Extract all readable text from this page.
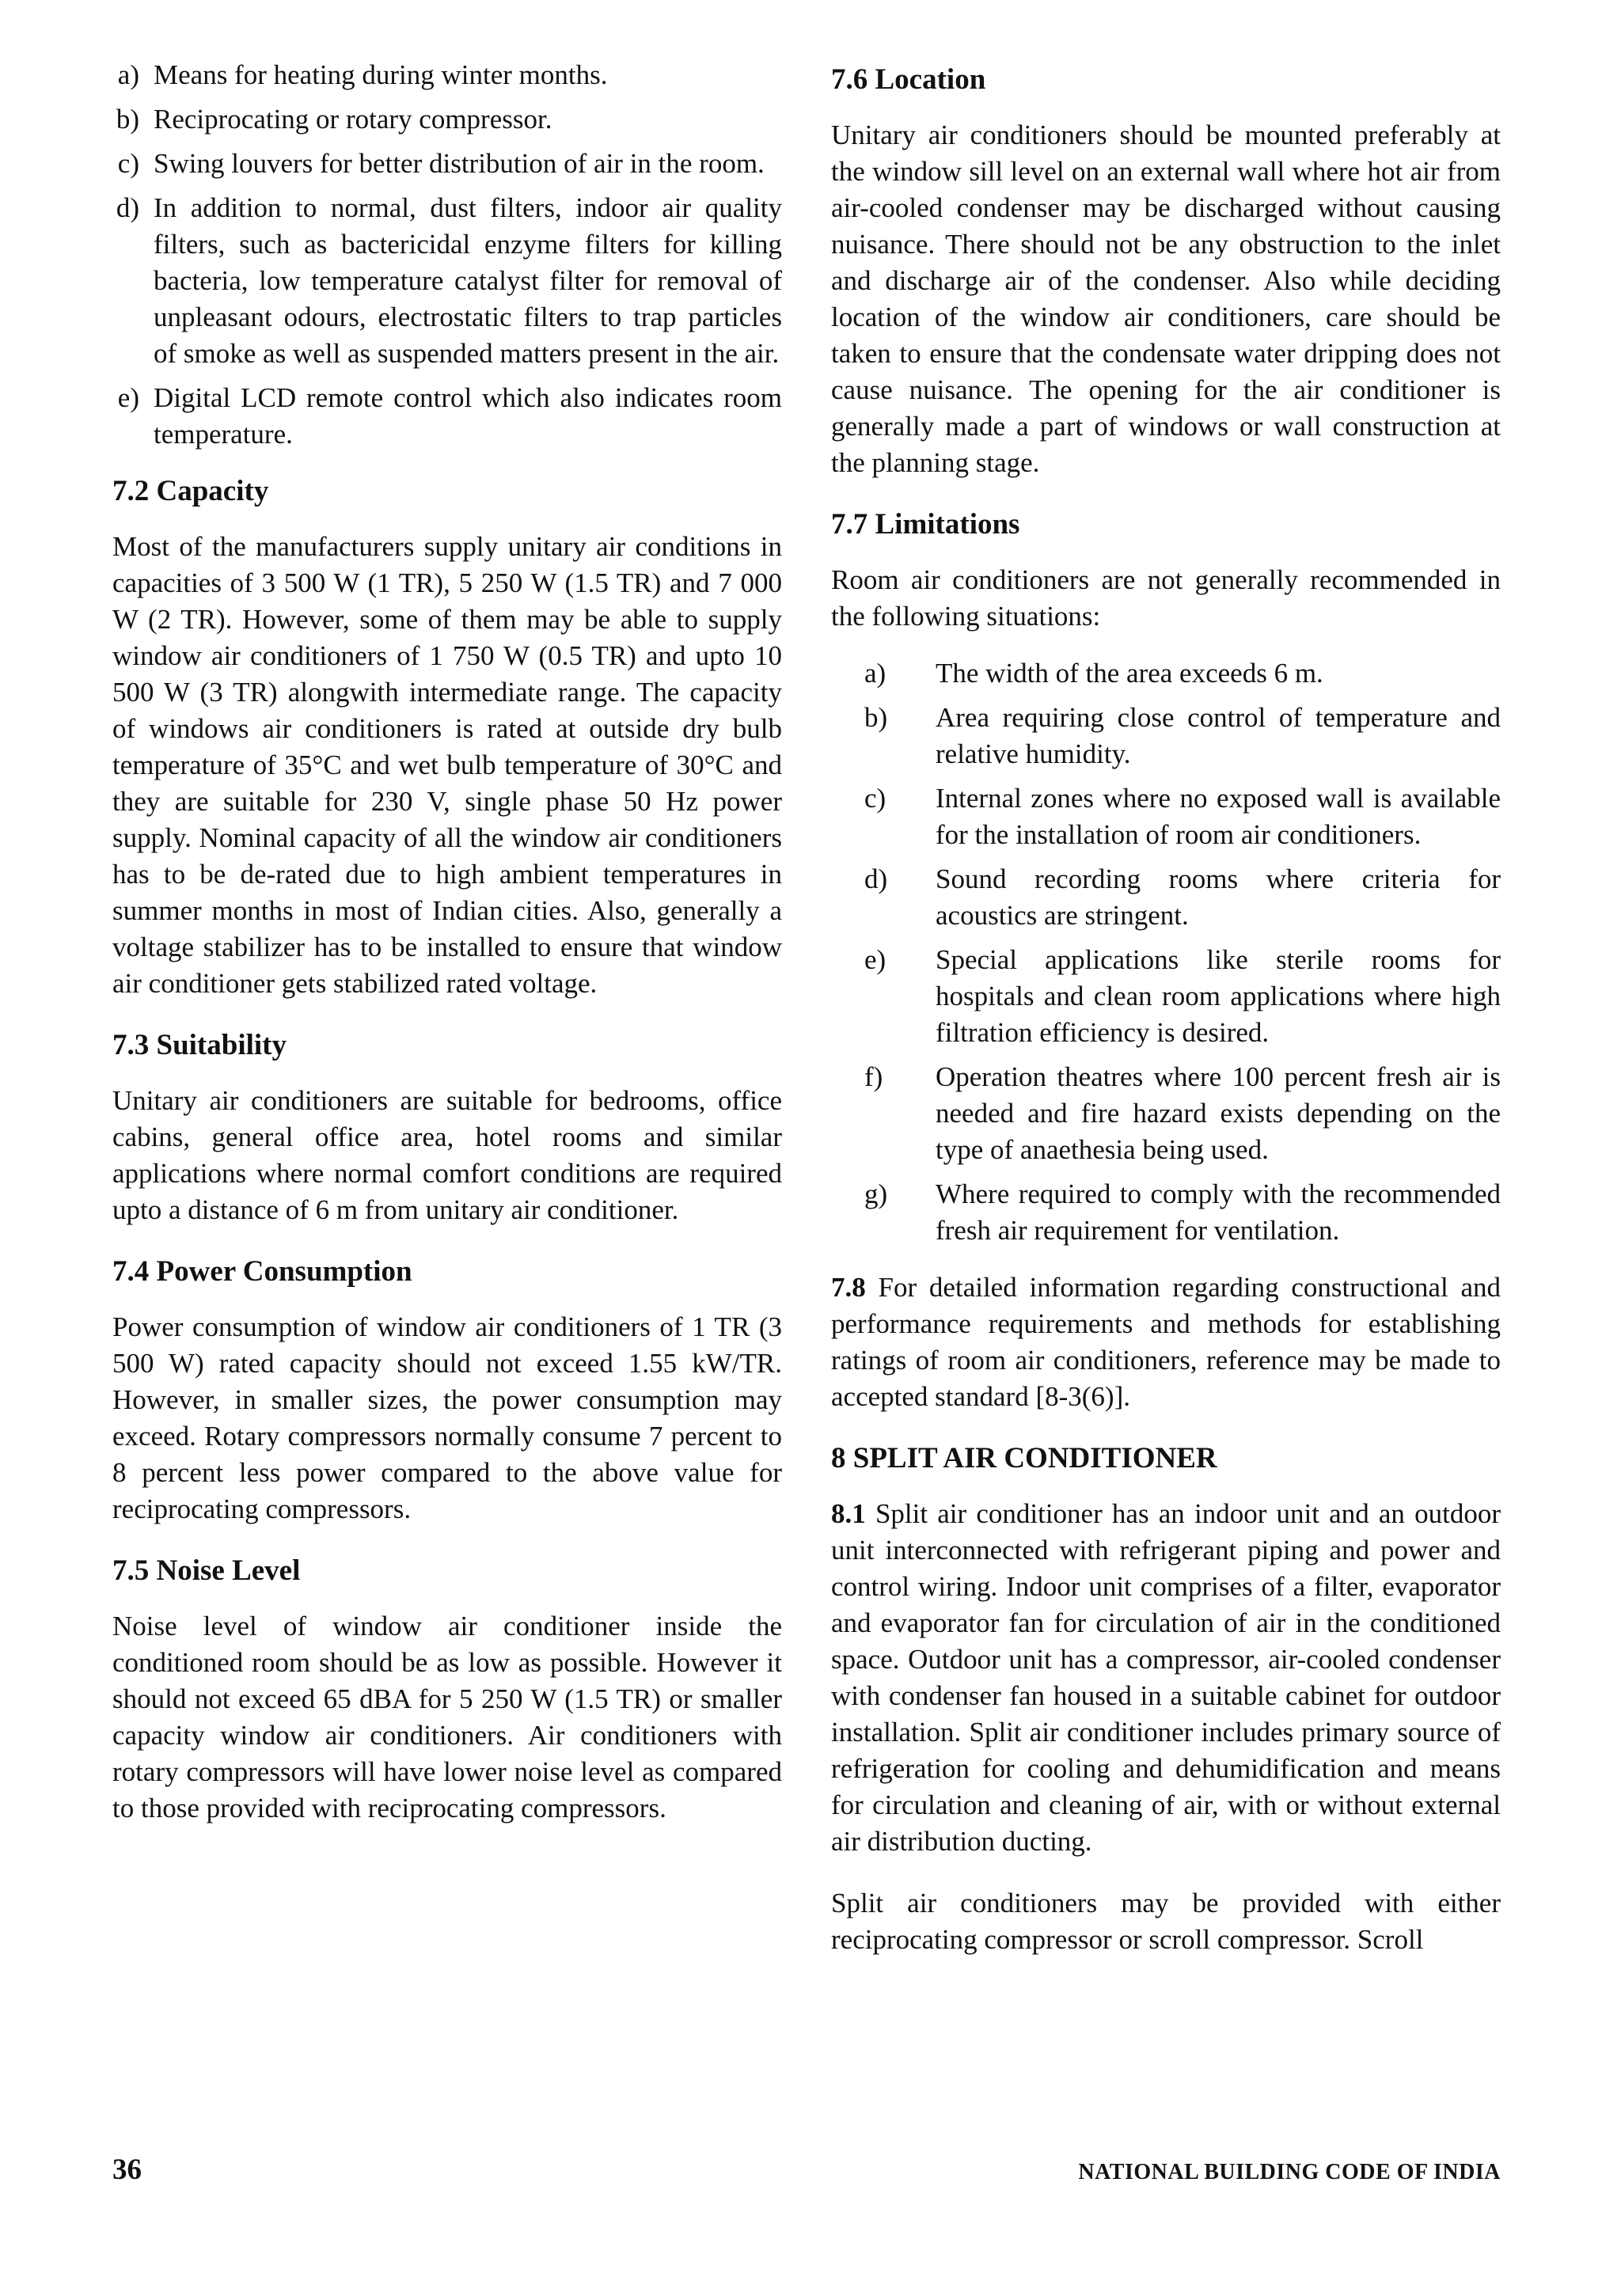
a) Means for heating during winter months.
b) Reciprocating or rotary compressor.
c) Swing louvers for better distribution of air in the room.
d) In addition to normal, dust filters, indoor air quality filters, such as bactericidal enzyme filters for killing bacteria, low temperature catalyst filter for removal of unpleasant odours, electrostatic filters to trap particles of smoke as well as suspended matters present in the air.
e) Digital LCD remote control which also indicates room temperature.
7.2 Capacity

Most of the manufacturers supply unitary air conditions in capacities of 3 500 W (1 TR), 5 250 W (1.5 TR) and 7 000 W (2 TR). However, some of them may be able to supply window air conditioners of 1 750 W (0.5 TR) and upto 10 500 W (3 TR) alongwith intermediate range. The capacity of windows air conditioners is rated at outside dry bulb temperature of 35°C and wet bulb temperature of 30°C and they are suitable for 230 V, single phase 50 Hz power supply. Nominal capacity of all the window air conditioners has to be de-rated due to high ambient temperatures in summer months in most of Indian cities. Also, generally a voltage stabilizer has to be installed to ensure that window air conditioner gets stabilized rated voltage.

7.3 Suitability

Unitary air conditioners are suitable for bedrooms, office cabins, general office area, hotel rooms and similar applications where normal comfort conditions are required upto a distance of 6 m from unitary air conditioner.

7.4 Power Consumption

Power consumption of window air conditioners of 1 TR (3 500 W) rated capacity should not exceed 1.55 kW/TR. However, in smaller sizes, the power consumption may exceed. Rotary compressors normally consume 7 percent to 8 percent less power compared to the above value for reciprocating compressors.

7.5 Noise Level

Noise level of window air conditioner inside the conditioned room should be as low as possible. However it should not exceed 65 dBA for 5 250 W (1.5 TR) or smaller capacity window air conditioners. Air conditioners with rotary compressors will have lower noise level as compared to those provided with reciprocating compressors.

7.6 Location

Unitary air conditioners should be mounted preferably at the window sill level on an external wall where hot air from air-cooled condenser may be discharged without causing nuisance. There should not be any obstruction to the inlet and discharge air of the condenser. Also while deciding location of the window air conditioners, care should be taken to ensure that the condensate water dripping does not cause nuisance. The opening for the air conditioner is generally made a part of windows or wall construction at the planning stage.

7.7 Limitations

Room air conditioners are not generally recommended in the following situations:

a)	The width of the area exceeds 6 m.
b)	Area requiring close control of temperature and relative humidity.
c)	Internal zones where no exposed wall is available for the installation of room air conditioners.
d)	Sound recording rooms where criteria for acoustics are stringent.
e)	Special applications like sterile rooms for hospitals and clean room applications where high filtration efficiency is desired.
f)	Operation theatres where 100 percent fresh air is needed and fire hazard exists depending on the type of anaethesia being used.
g)	Where required to comply with the recommended fresh air requirement for ventilation.

7.8 For detailed information regarding constructional and performance requirements and methods for establishing ratings of room air conditioners, reference may be made to accepted standard [8-3(6)].

8 SPLIT AIR CONDITIONER

8.1 Split air conditioner has an indoor unit and an outdoor unit interconnected with refrigerant piping and power and control wiring. Indoor unit comprises of a filter, evaporator and evaporator fan for circulation of air in the conditioned space. Outdoor unit has a compressor, air-cooled condenser with condenser fan housed in a suitable cabinet for outdoor installation. Split air conditioner includes primary source of refrigeration for cooling and dehumidification and means for circulation and cleaning of air, with or without external air distribution ducting.

Split air conditioners may be provided with either reciprocating compressor or scroll compressor. Scroll

36	NATIONAL BUILDING CODE OF INDIA
